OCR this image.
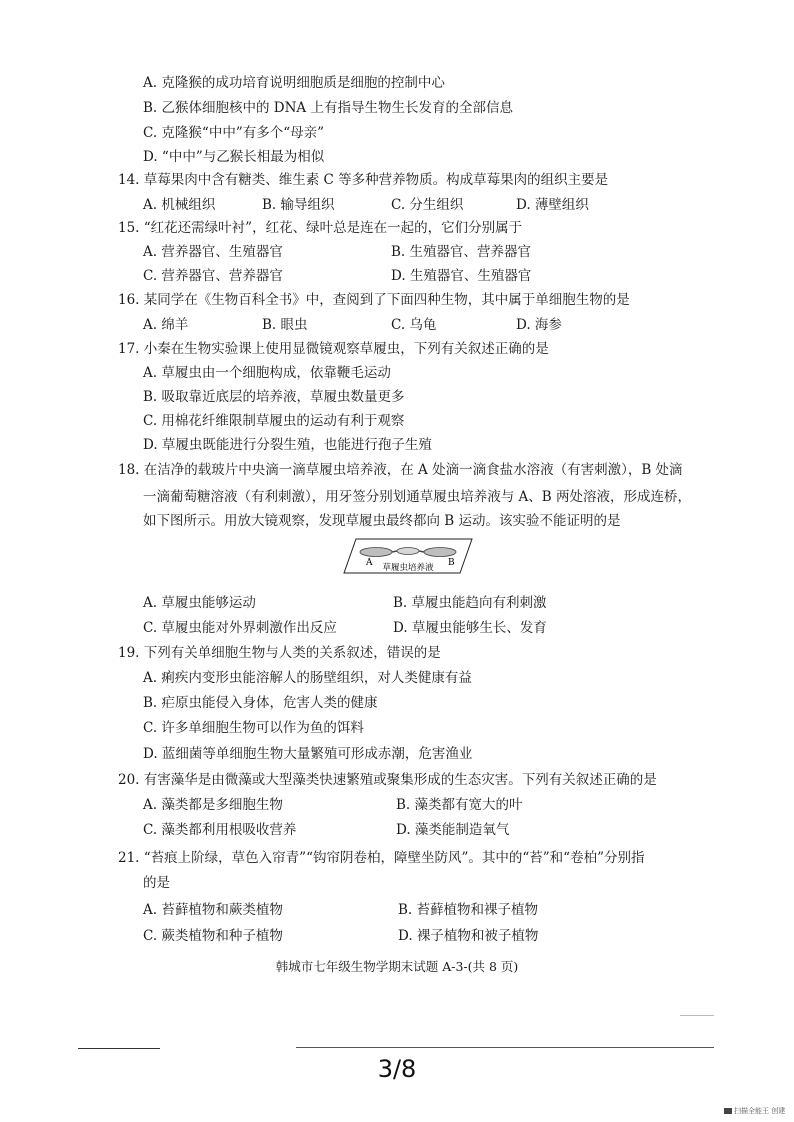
A. 克隆猴的成功培育说明细胞质是细胞的控制中心
B. 乙猴体细胞核中的 DNA 上有指导生物生长发育的全部信息
C. 克隆猴“中中”有多个“母亲”
D. “中中”与乙猴长相最为相似
14. 草莓果肉中含有糖类、维生素 C 等多种营养物质。构成草莓果肉的组织主要是
A. 机械组织	B. 输导组织	C. 分生组织	D. 薄壁组织
15. “红花还需绿叶衬”，红花、绿叶总是连在一起的，它们分别属于
A. 营养器官、生殖器官	B. 生殖器官、营养器官
C. 营养器官、营养器官	D. 生殖器官、生殖器官
16. 某同学在《生物百科全书》中，查阅到了下面四种生物，其中属于单细胞生物的是
A. 绵羊	B. 眼虫	C. 乌龟	D. 海参
17. 小秦在生物实验课上使用显微镜观察草履虫，下列有关叙述正确的是
A. 草履虫由一个细胞构成，依靠鞭毛运动
B. 吸取靠近底层的培养液，草履虫数量更多
C. 用棉花纤维限制草履虫的运动有利于观察
D. 草履虫既能进行分裂生殖，也能进行孢子生殖
18. 在洁净的载玻片中央滴一滴草履虫培养液，在 A 处滴一滴食盐水溶液（有害刺激），B 处滴
一滴葡萄糖溶液（有利刺激），用牙签分别划通草履虫培养液与 A、B 两处溶液，形成连桥，
如下图所示。用放大镜观察，发现草履虫最终都向 B 运动。该实验不能证明的是
A	B
草履虫培养液
A. 草履虫能够运动	B. 草履虫能趋向有利刺激
C. 草履虫能对外界刺激作出反应	D. 草履虫能够生长、发育
19. 下列有关单细胞生物与人类的关系叙述，错误的是
A. 痢疾内变形虫能溶解人的肠壁组织，对人类健康有益
B. 疟原虫能侵入身体，危害人类的健康
C. 许多单细胞生物可以作为鱼的饵料
D. 蓝细菌等单细胞生物大量繁殖可形成赤潮，危害渔业
20. 有害藻华是由微藻或大型藻类快速繁殖或聚集形成的生态灾害。下列有关叙述正确的是
A. 藻类都是多细胞生物	B. 藻类都有宽大的叶
C. 藻类都利用根吸收营养	D. 藻类能制造氧气
21. “苔痕上阶绿，草色入帘青”“钩帘阴卷柏，障壁坐防风”。其中的“苔”和“卷柏”分别指
的是
A. 苔藓植物和蕨类植物	B. 苔藓植物和裸子植物
C. 蕨类植物和种子植物	D. 裸子植物和被子植物
韩城市七年级生物学期末试题 A-3-(共 8 页)
3/8
扫描全能王 创建
